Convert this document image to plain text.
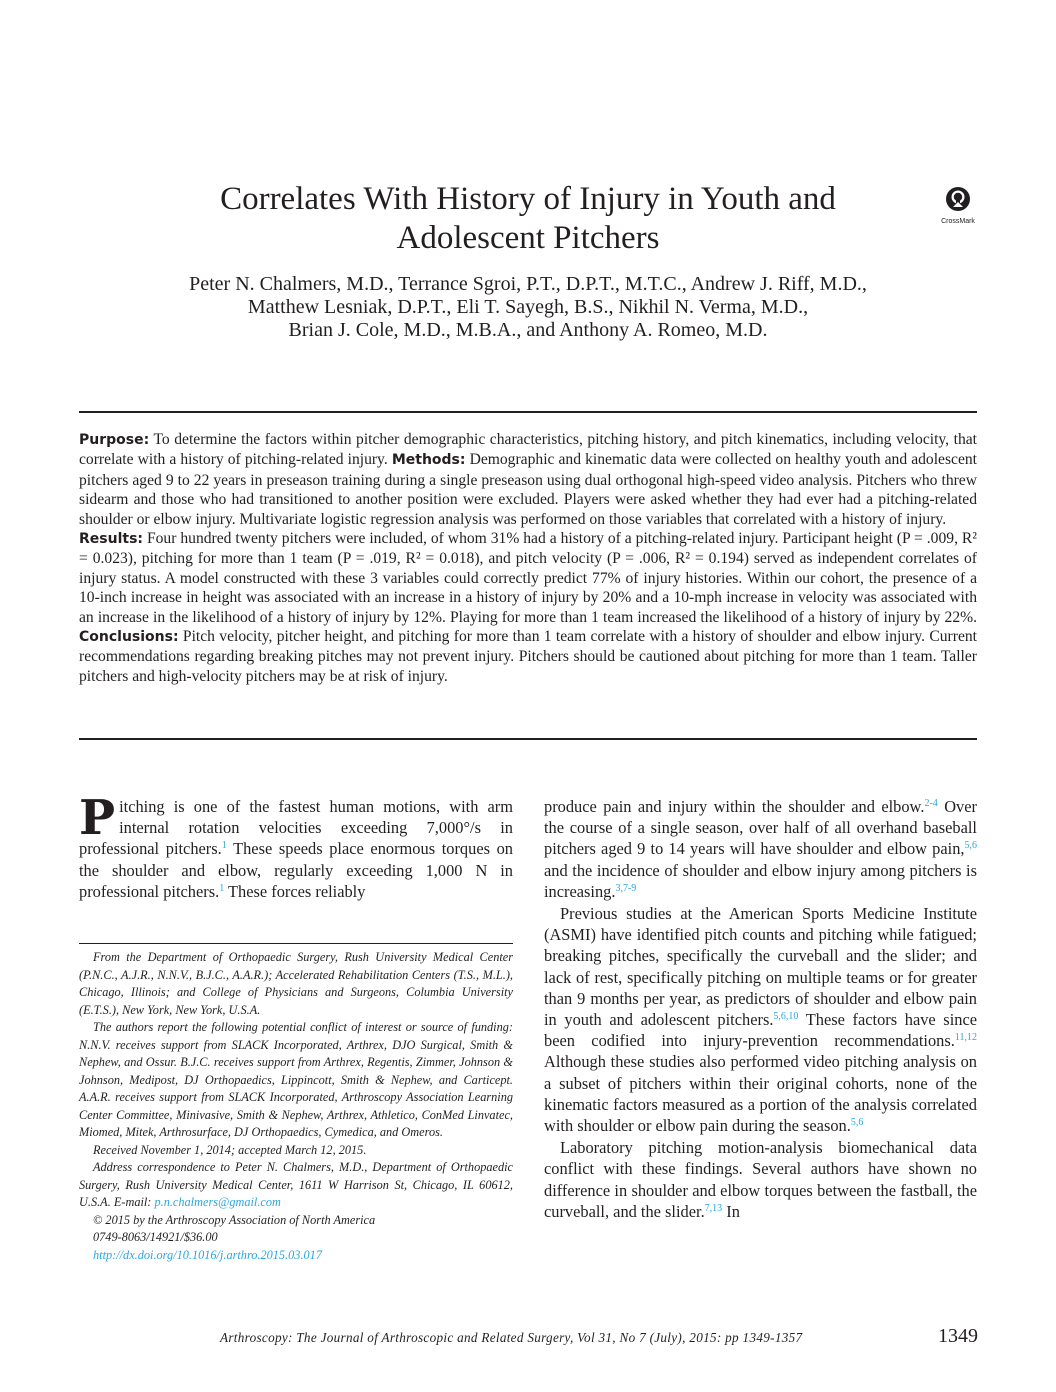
Correlates With History of Injury in Youth and Adolescent Pitchers	CrossMark
Peter N. Chalmers, M.D., Terrance Sgroi, P.T., D.P.T., M.T.C., Andrew J. Riff, M.D.,
Matthew Lesniak, D.P.T., Eli T. Sayegh, B.S., Nikhil N. Verma, M.D.,
Brian J. Cole, M.D., M.B.A., and Anthony A. Romeo, M.D.
Purpose: To determine the factors within pitcher demographic characteristics, pitching history, and pitch kinematics, including velocity, that correlate with a history of pitching-related injury. Methods: Demographic and kinematic data were collected on healthy youth and adolescent pitchers aged 9 to 22 years in preseason training during a single preseason using dual orthogonal high-speed video analysis. Pitchers who threw sidearm and those who had transitioned to another position were excluded. Players were asked whether they had ever had a pitching-related shoulder or elbow injury. Multivariate logistic regression analysis was performed on those variables that correlated with a history of injury.
Results: Four hundred twenty pitchers were included, of whom 31% had a history of a pitching-related injury. Participant height (P = .009, R² = 0.023), pitching for more than 1 team (P = .019, R² = 0.018), and pitch velocity (P = .006, R² = 0.194) served as independent correlates of injury status. A model constructed with these 3 variables could correctly predict 77% of injury histories. Within our cohort, the presence of a 10-inch increase in height was associated with an increase in a history of injury by 20% and a 10-mph increase in velocity was associated with an increase in the likelihood of a history of injury by 12%. Playing for more than 1 team increased the likelihood of a history of injury by 22%. Conclusions: Pitch velocity, pitcher height, and pitching for more than 1 team correlate with a history of shoulder and elbow injury. Current recommendations regarding breaking pitches may not prevent injury. Pitchers should be cautioned about pitching for more than 1 team. Taller pitchers and high-velocity pitchers may be at risk of injury.
Pitching is one of the fastest human motions, with arm internal rotation velocities exceeding 7,000°/s in professional pitchers.$^1$ These speeds place enormous torques on the shoulder and elbow, regularly exceeding 1,000 N in professional pitchers.$^1$ These forces reliably

From the Department of Orthopaedic Surgery, Rush University Medical Center (P.N.C., A.J.R., N.N.V., B.J.C., A.A.R.); Accelerated Rehabilitation Centers (T.S., M.L.), Chicago, Illinois; and College of Physicians and Surgeons, Columbia University (E.T.S.), New York, New York, U.S.A.

The authors report the following potential conflict of interest or source of funding: N.N.V. receives support from SLACK Incorporated, Arthrex, DJO Surgical, Smith & Nephew, and Ossur. B.J.C. receives support from Arthrex, Regentis, Zimmer, Johnson & Johnson, Medipost, DJ Orthopaedics, Lippincott, Smith & Nephew, and Carticept. A.A.R. receives support from SLACK Incorporated, Arthroscopy Association Learning Center Committee, Minivasive, Smith & Nephew, Arthrex, Athletico, ConMed Linvatec, Miomed, Mitek, Arthrosurface, DJ Orthopaedics, Cymedica, and Omeros.

Received November 1, 2014; accepted March 12, 2015.

Address correspondence to Peter N. Chalmers, M.D., Department of Orthopaedic Surgery, Rush University Medical Center, 1611 W Harrison St, Chicago, IL 60612, U.S.A. E-mail: p.n.chalmers@gmail.com

© 2015 by the Arthroscopy Association of North America

0749-8063/14921/$36.00

http://dx.doi.org/10.1016/j.arthro.2015.03.017

produce pain and injury within the shoulder and elbow.$^{2-4}$ Over the course of a single season, over half of all overhand baseball pitchers aged 9 to 14 years will have shoulder and elbow pain,$^{5,6}$ and the incidence of shoulder and elbow injury among pitchers is increasing.$^{3,7-9}$

Previous studies at the American Sports Medicine Institute (ASMI) have identified pitch counts and pitching while fatigued; breaking pitches, specifically the curveball and the slider; and lack of rest, specifically pitching on multiple teams or for greater than 9 months per year, as predictors of shoulder and elbow pain in youth and adolescent pitchers.$^{5,6,10}$ These factors have since been codified into injury-prevention recommendations.$^{11,12}$ Although these studies also performed video pitching analysis on a subset of pitchers within their original cohorts, none of the kinematic factors measured as a portion of the analysis correlated with shoulder or elbow pain during the season.$^{5,6}$

Laboratory pitching motion-analysis biomechanical data conflict with these findings. Several authors have shown no difference in shoulder and elbow torques between the fastball, the curveball, and the slider.$^{7,13}$ In

Arthroscopy: The Journal of Arthroscopic and Related Surgery, Vol 31, No 7 (July), 2015: pp 1349-1357	1349
